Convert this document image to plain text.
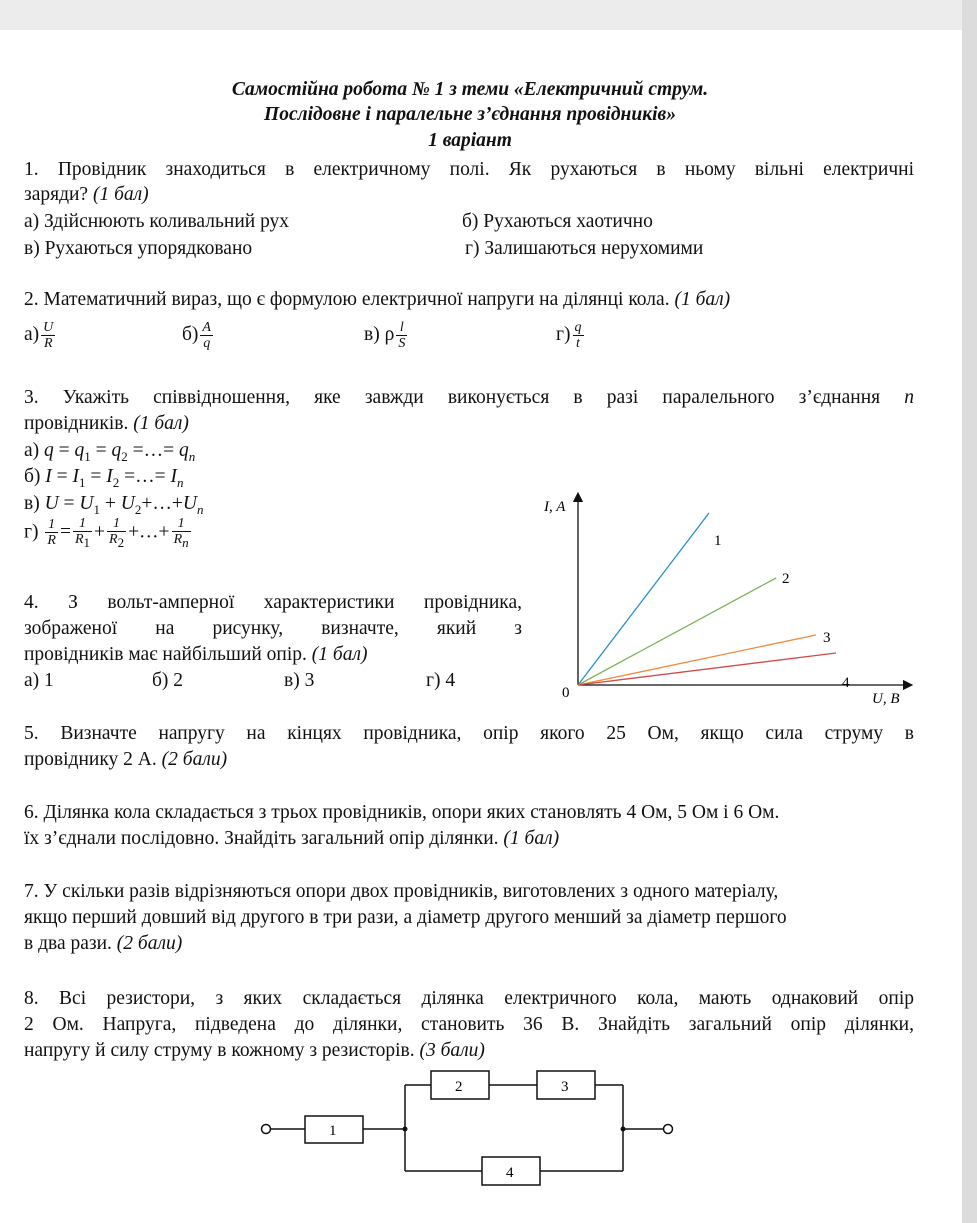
Самостійна робота № 1 з теми «Електричний струм.
Послідовне і паралельне з’єднання провідників»
1 варіант
1. Провідник знаходиться в електричному полі. Як рухаються в ньому вільні електричні
заряди? (1 бал)
а) Здійснюють коливальний рух	б) Рухаються хаотично
в) Рухаються упорядковано	г) Залишаються нерухомими
2. Математичний вираз, що є формулою електричної напруги на ділянці кола. (1 бал)
$а) \frac{U}{R}$	$б) \frac{A}{q}$	в) ρ $\frac{l}{S}$	$г) \frac{q}{t}$
3. Укажіть співвідношення, яке завжди виконується в разі паралельного з’єднання n
провідників. (1 бал)
а) $q = q_1 = q_2$ =…= $q_n$
б) $I = I_1 = I_2$ =…= $I_n$
в) $U = U_1$ + $U_2+\dots+U_n$
$г) \frac{1}{R} = \frac{1}{R_1} + \frac{1}{R_2}$ +…+ $\frac{1}{R_n}$
4. З вольт-амперної характеристики провідника,
зображеної на рисунку, визначте, який з
провідників має найбільший опір. (1 бал)
а) 1	б) 2	в) 3	г) 4
I, A
U, B
0
1
2
3
4
5. Визначте напругу на кінцях провідника, опір якого 25 Ом, якщо сила струму в
провіднику 2 А. (2 бали)
6. Ділянка кола складається з трьох провідників, опори яких становлять 4 Ом, 5 Ом і 6 Ом.
їх з’єднали послідовно. Знайдіть загальний опір ділянки. (1 бал)
7. У скільки разів відрізняються опори двох провідників, виготовлених з одного матеріалу,
якщо перший довший від другого в три рази, а діаметр другого менший за діаметр першого
в два рази. (2 бали)
8. Всі резистори, з яких складається ділянка електричного кола, мають однаковий опір
2 Ом. Напруга, підведена до ділянки, становить 36 В. Знайдіть загальний опір ділянки,
напругу й силу струму в кожному з резисторів. (3 бали)
1
2	3
4
